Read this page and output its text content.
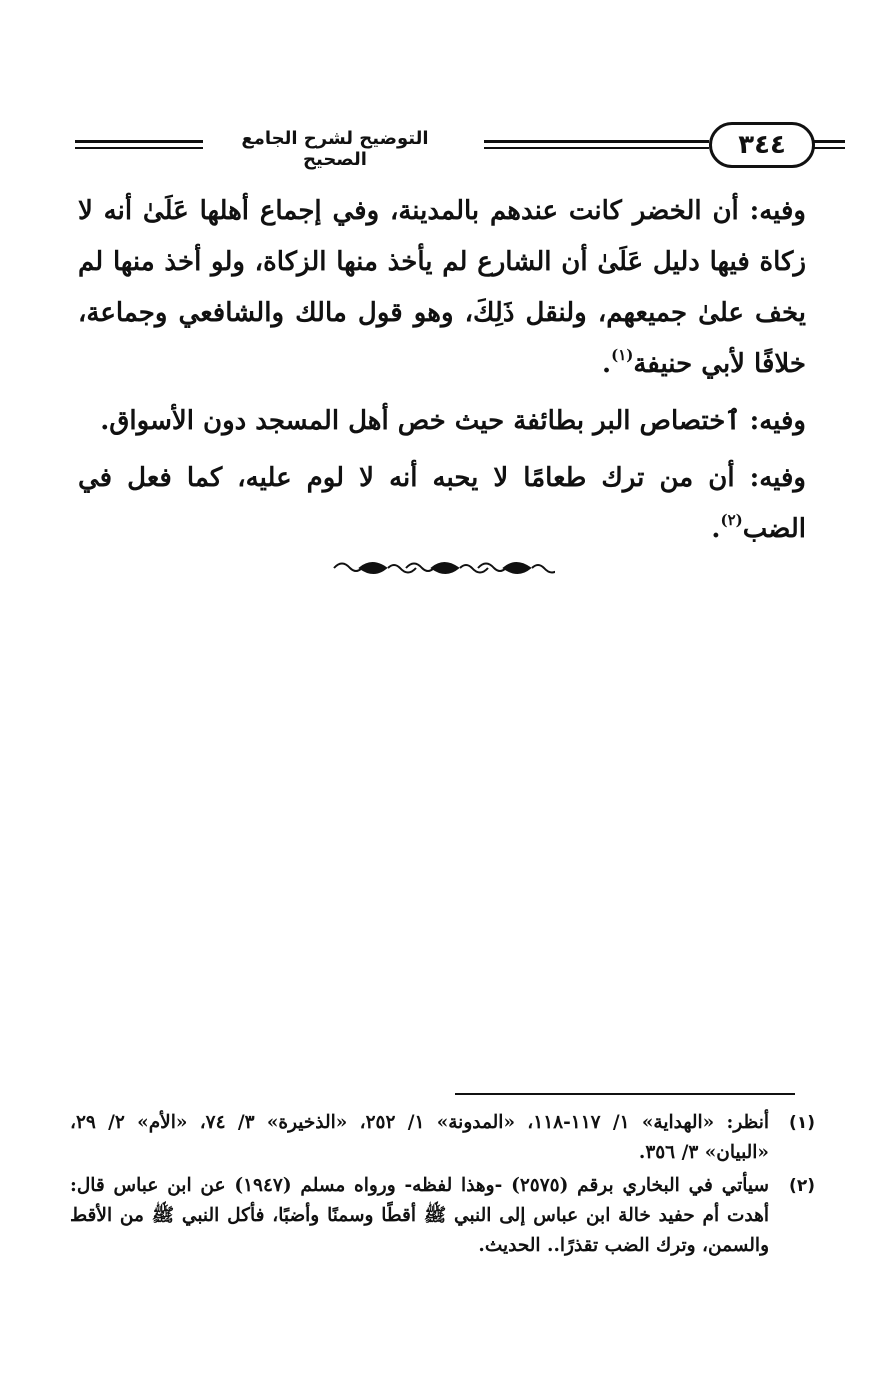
٣٤٤
التوضيح لشرح الجامع الصحيح

وفيه: أن الخضر كانت عندهم بالمدينة، وفي إجماع أهلها عَلَىٰ أنه لا زكاة فيها دليل عَلَىٰ أن الشارع لم يأخذ منها الزكاة، ولو أخذ منها لم يخف علىٰ جميعهم، ولنقل ذَلِكَ، وهو قول مالك والشافعي وجماعة، خلافًا لأبي حنيفة$^{(١)}$.

وفيه: ٱختصاص البر بطائفة حيث خص أهل المسجد دون الأسواق.

وفيه: أن من ترك طعامًا لا يحبه أنه لا لوم عليه، كما فعل في الضب$^{(٢)}$.

(١)
أنظر: «الهداية» ١/ ١١٧-١١٨، «المدونة» ١/ ٢٥٢، «الذخيرة» ٣/ ٧٤، «الأم» ٢/ ٢٩، «البيان» ٣/ ٣٥٦.
(٢)
سيأتي في البخاري برقم (٢٥٧٥) -وهذا لفظه- ورواه مسلم (١٩٤٧) عن ابن عباس قال: أهدت أم حفيد خالة ابن عباس إلى النبي ﷺ أقطًا وسمنًا وأضبًا، فأكل النبي ﷺ من الأقط والسمن، وترك الضب تقذرًا.. الحديث.
